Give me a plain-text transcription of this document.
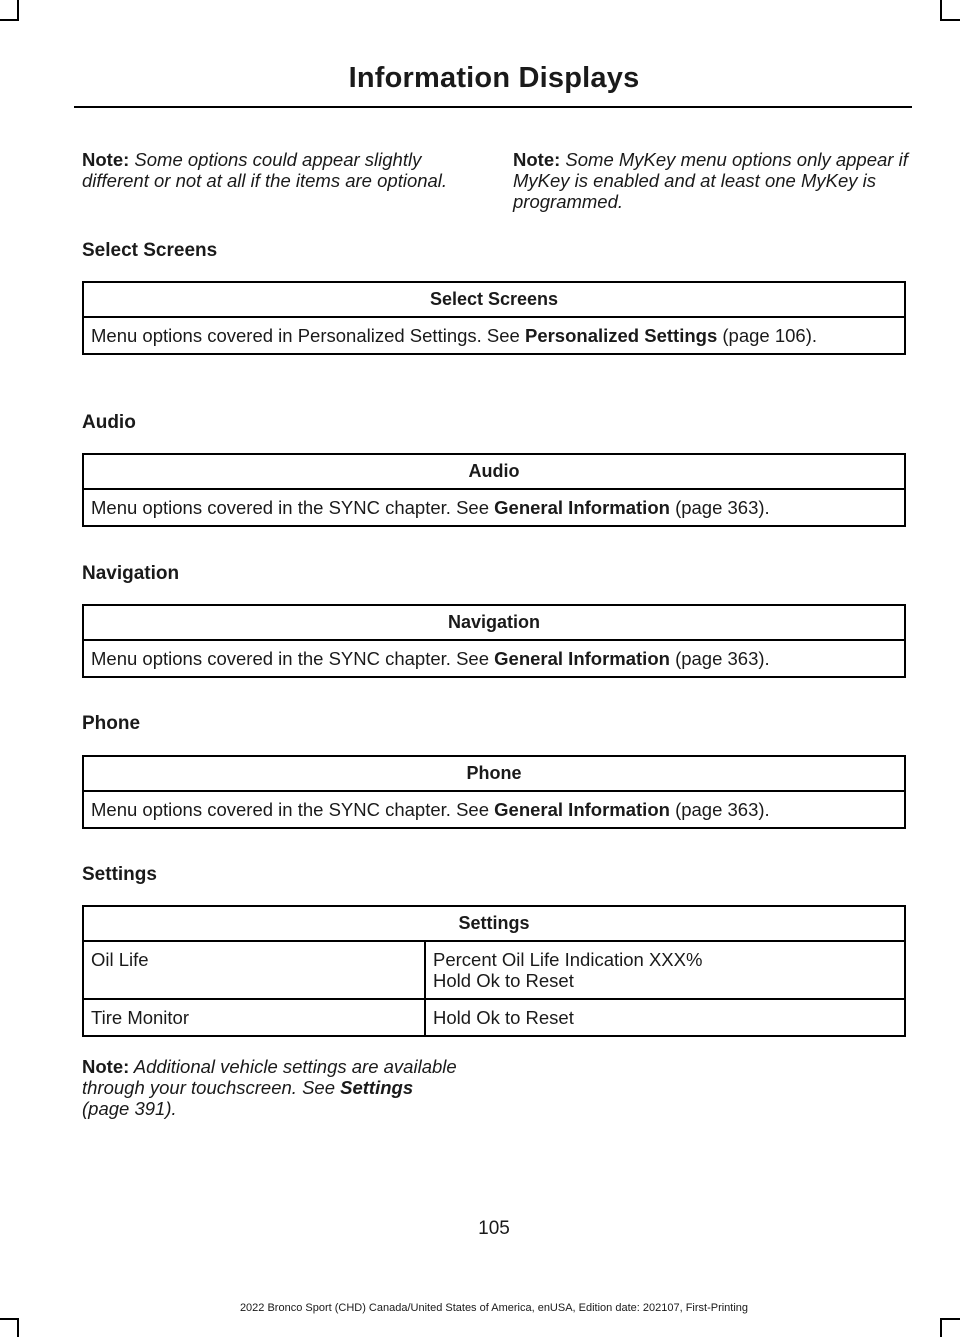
Information Displays
Note: Some options could appear slightly different or not at all if the items are optional.
Note: Some MyKey menu options only appear if MyKey is enabled and at least one MyKey is programmed.
Select Screens
Select Screens
Menu options covered in Personalized Settings. See Personalized Settings (page 106).
Audio
Audio
Menu options covered in the SYNC chapter. See General Information (page 363).
Navigation
Navigation
Menu options covered in the SYNC chapter. See General Information (page 363).
Phone
Phone
Menu options covered in the SYNC chapter. See General Information (page 363).
Settings
Settings	
Oil Life	Percent Oil Life Indication XXX%
Hold Ok to Reset

Tire Monitor	Hold Ok to Reset
Note: Additional vehicle settings are available through your touchscreen. See Settings (page 391).
105
2022 Bronco Sport (CHD) Canada/United States of America, enUSA, Edition date: 202107, First-Printing
